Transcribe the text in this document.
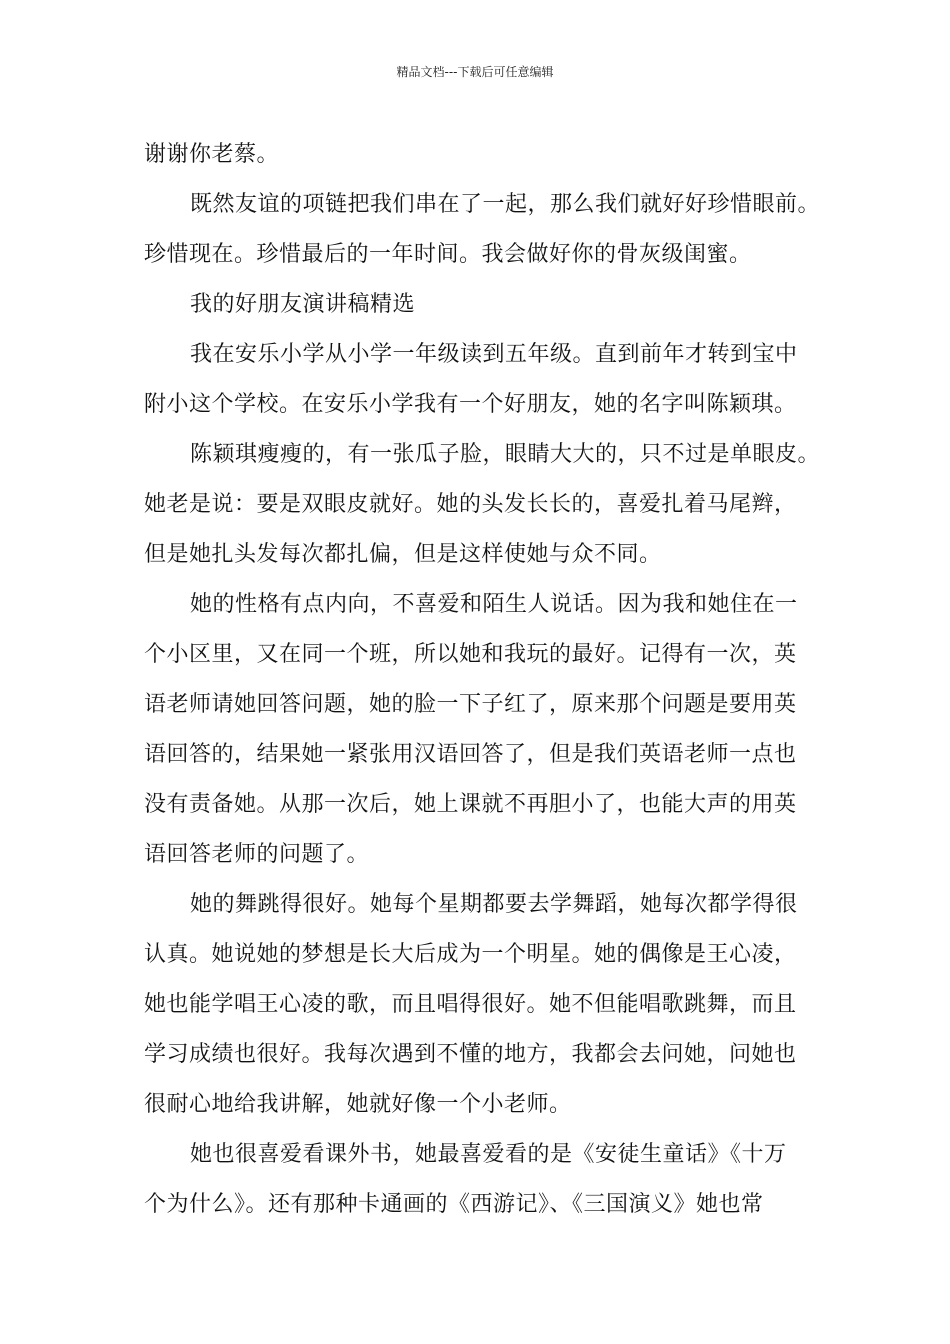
精品文档---下载后可任意编辑
谢谢你老蔡。
既然友谊的项链把我们串在了一起，那么我们就好好珍惜眼前。
珍惜现在。珍惜最后的一年时间。我会做好你的骨灰级闺蜜。
我的好朋友演讲稿精选
我在安乐小学从小学一年级读到五年级。直到前年才转到宝中
附小这个学校。在安乐小学我有一个好朋友，她的名字叫陈颖琪。
陈颖琪瘦瘦的，有一张瓜子脸，眼睛大大的，只不过是单眼皮。
她老是说：要是双眼皮就好。她的头发长长的，喜爱扎着马尾辫，
但是她扎头发每次都扎偏，但是这样使她与众不同。
她的性格有点内向，不喜爱和陌生人说话。因为我和她住在一
个小区里，又在同一个班，所以她和我玩的最好。记得有一次，英
语老师请她回答问题，她的脸一下子红了，原来那个问题是要用英
语回答的，结果她一紧张用汉语回答了，但是我们英语老师一点也
没有责备她。从那一次后，她上课就不再胆小了，也能大声的用英
语回答老师的问题了。
她的舞跳得很好。她每个星期都要去学舞蹈，她每次都学得很
认真。她说她的梦想是长大后成为一个明星。她的偶像是王心凌，
她也能学唱王心凌的歌，而且唱得很好。她不但能唱歌跳舞，而且
学习成绩也很好。我每次遇到不懂的地方，我都会去问她，问她也
很耐心地给我讲解，她就好像一个小老师。
她也很喜爱看课外书，她最喜爱看的是《安徒生童话》《十万
个为什么》。还有那种卡通画的《西游记》、《三国演义》她也常
